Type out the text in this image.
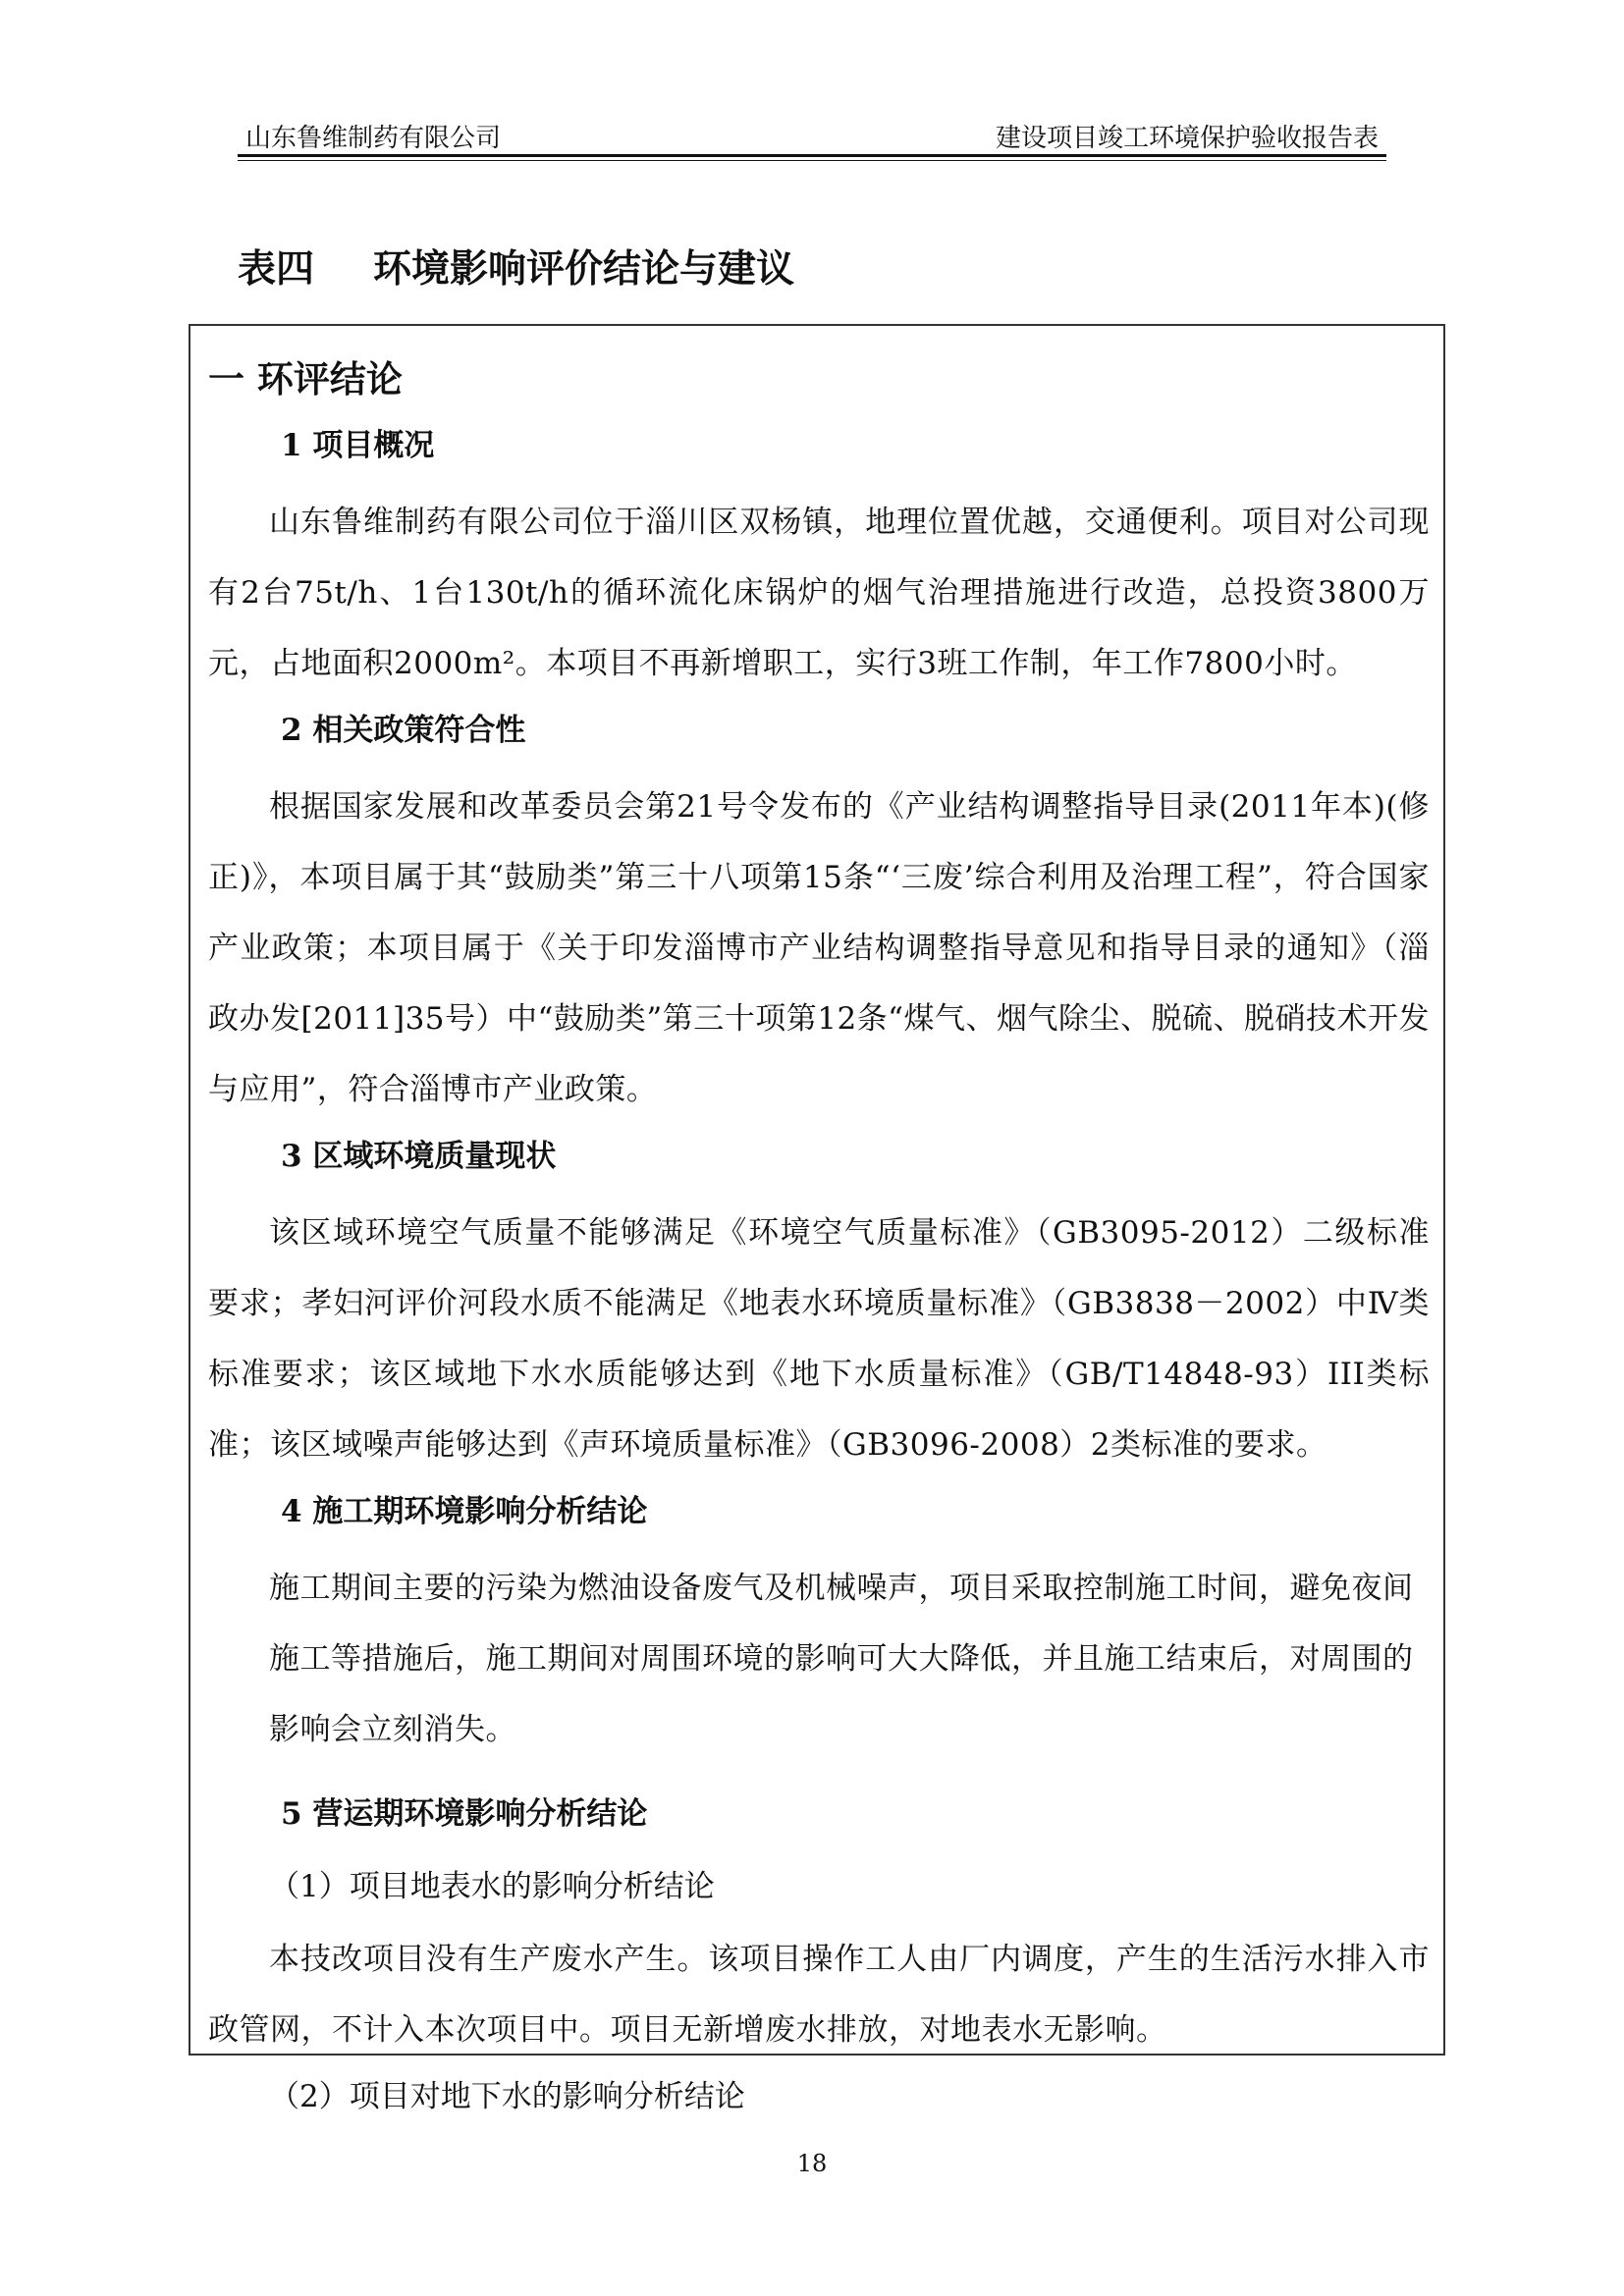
山东鲁维制药有限公司	建设项目竣工环境保护验收报告表
表四 环境影响评价结论与建议
一 环评结论
1 项目概况

山东鲁维制药有限公司位于淄川区双杨镇，地理位置优越，交通便利。项目对公司现有2台75t/h、1台130t/h的循环流化床锅炉的烟气治理措施进行改造，总投资3800万元，占地面积2000m²。本项目不再新增职工，实行3班工作制，年工作7800小时。

2 相关政策符合性

根据国家发展和改革委员会第21号令发布的《产业结构调整指导目录(2011年本)(修正)》，本项目属于其“鼓励类”第三十八项第15条“‘三废’综合利用及治理工程”，符合国家产业政策；本项目属于《关于印发淄博市产业结构调整指导意见和指导目录的通知》（淄政办发[2011]35号）中“鼓励类”第三十项第12条“煤气、烟气除尘、脱硫、脱硝技术开发与应用”，符合淄博市产业政策。

3 区域环境质量现状

该区域环境空气质量不能够满足《环境空气质量标准》（GB3095-2012）二级标准要求；孝妇河评价河段水质不能满足《地表水环境质量标准》（GB3838－2002）中Ⅳ类标准要求；该区域地下水水质能够达到《地下水质量标准》（GB/T14848-93）III类标准；该区域噪声能够达到《声环境质量标准》（GB3096-2008）2类标准的要求。

4 施工期环境影响分析结论

施工期间主要的污染为燃油设备废气及机械噪声，项目采取控制施工时间，避免夜间施工等措施后，施工期间对周围环境的影响可大大降低，并且施工结束后，对周围的影响会立刻消失。

5 营运期环境影响分析结论
（1）项目地表水的影响分析结论

本技改项目没有生产废水产生。该项目操作工人由厂内调度，产生的生活污水排入市政管网，不计入本次项目中。项目无新增废水排放，对地表水无影响。

（2）项目对地下水的影响分析结论
18
